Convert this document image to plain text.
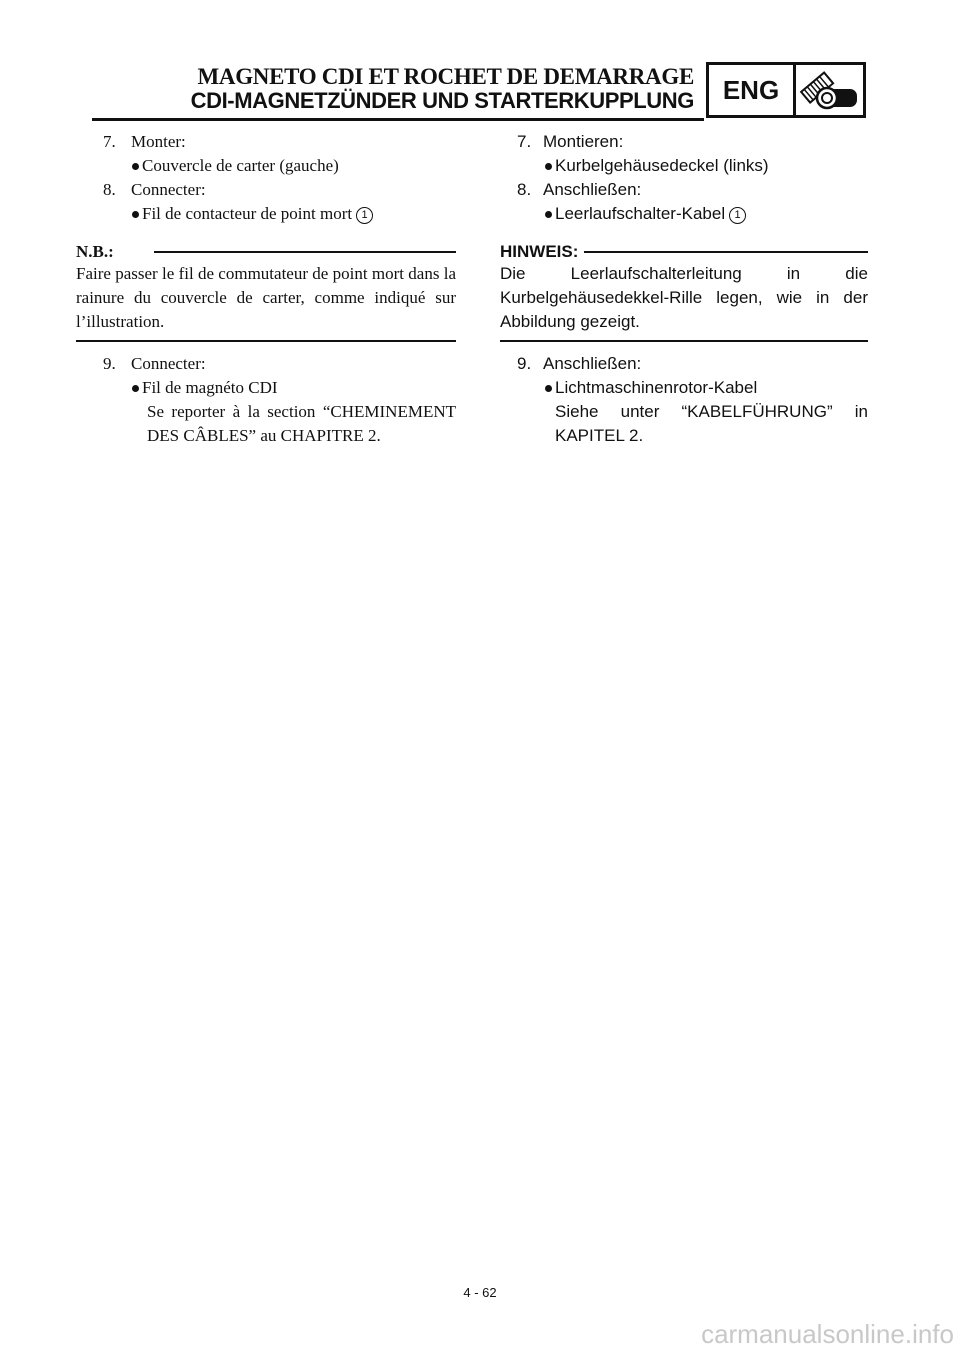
MAGNETO CDI ET ROCHET DE DEMARRAGE
CDI-MAGNETZÜNDER UND STARTERKUPPLUNG	ENG

7. Monter:

Couvercle de carter (gauche)

8. Connecter:

Fil de contacteur de point mort 1

N.B.:

Faire passer le fil de commutateur de point mort dans la rainure du couvercle de carter, comme indiqué sur l’illustration.

9. Connecter:

Fil de magnéto CDI

Se reporter à la section “CHEMINEMENT

DES CÂBLES” au CHAPITRE 2.

7. Montieren:

Kurbelgehäusedeckel (links)

8. Anschließen:

Leerlaufschalter-Kabel 1

HINWEIS:

Die Leerlaufschalterleitung in die Kurbelgehäusedekkel-Rille legen, wie in der Abbildung gezeigt.

9. Anschließen:

Lichtmaschinenrotor-Kabel

Siehe unter “KABELFÜHRUNG” in

KAPITEL 2.

4 - 62
carmanualsonline.info
